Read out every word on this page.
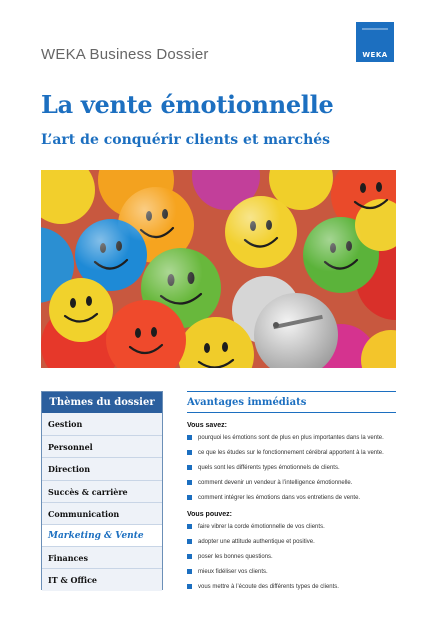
WEKA Business Dossier	WEKA
La vente émotionnelle
L’art de conquérir clients et marchés
Thèmes du dossier
Gestion
Personnel
Direction
Succès & carrière
Communication
Marketing & Vente
Finances
IT & Office
Avantages immédiats
Vous savez:
pourquoi les émotions sont de plus en plus importantes dans la vente.
ce que les études sur le fonctionnement cérébral apportent à la vente.
quels sont les différents types émotionnels de clients.
comment devenir un vendeur à l’intelligence émotionnelle.
comment intégrer les émotions dans vos entretiens de vente.
Vous pouvez:
faire vibrer la corde émotionnelle de vos clients.
adopter une attitude authentique et positive.
poser les bonnes questions.
mieux fidéliser vos clients.
vous mettre à l’écoute des différents types de clients.
